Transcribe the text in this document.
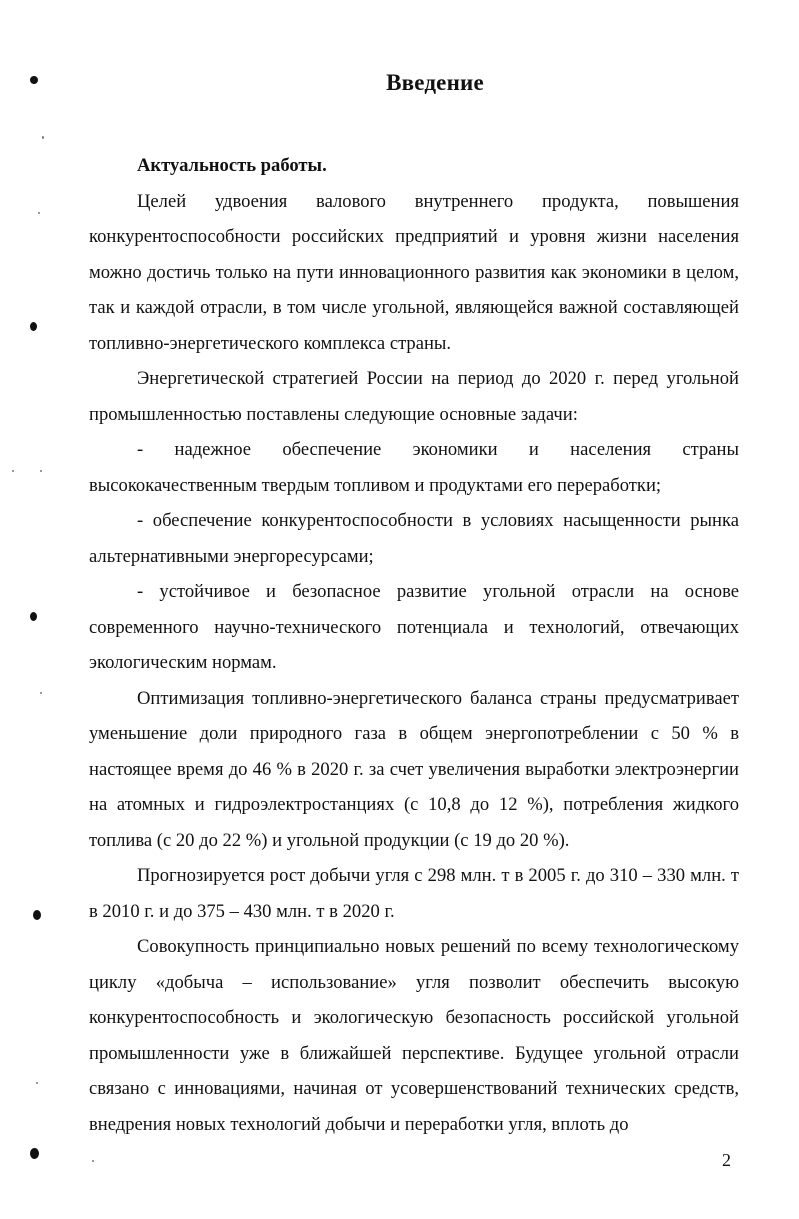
Введение

Актуальность работы.

Целей удвоения валового внутреннего продукта, повышения конкурентоспособности российских предприятий и уровня жизни населения можно достичь только на пути инновационного развития как экономики в целом, так и каждой отрасли, в том числе угольной, являющейся важной составляющей топливно-энергетического комплекса страны.

Энергетической стратегией России на период до 2020 г. перед угольной промышленностью поставлены следующие основные задачи:

- надежное обеспечение экономики и населения страны высококачественным твердым топливом и продуктами его переработки;

- обеспечение конкурентоспособности в условиях насыщенности рынка альтернативными энергоресурсами;

- устойчивое и безопасное развитие угольной отрасли на основе современного научно-технического потенциала и технологий, отвечающих экологическим нормам.

Оптимизация топливно-энергетического баланса страны предусматривает уменьшение доли природного газа в общем энергопотреблении с 50 % в настоящее время до 46 % в 2020 г. за счет увеличения выработки электроэнергии на атомных и гидроэлектростанциях (с 10,8 до 12 %), потребления жидкого топлива (с 20 до 22 %) и угольной продукции (с 19 до 20 %).

Прогнозируется рост добычи угля с 298 млн. т в 2005 г. до 310 – 330 млн. т в 2010 г. и до 375 – 430 млн. т в 2020 г.

Совокупность принципиально новых решений по всему технологическому циклу «добыча – использование» угля позволит обеспечить высокую конкурентоспособность и экологическую безопасность российской угольной промышленности уже в ближайшей перспективе. Будущее угольной отрасли связано с инновациями, начиная от усовершенствований технических средств, внедрения новых технологий добычи и переработки угля, вплоть до

2
